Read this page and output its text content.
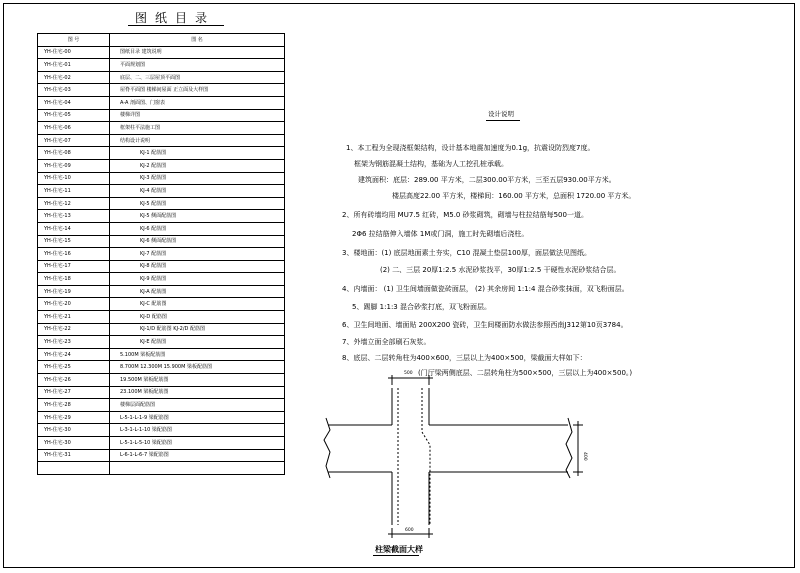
图纸目录
图 号	图 名
YH-住宅-00	图纸目录 建筑说明
YH-住宅-01	平面规划图
YH-住宅-02	底层、二、三层屋顶平面图
YH-住宅-03	屋脊平面图 楼梯间屋面 正立面及大样图
YH-住宅-04	A-A 剖面图、门窗表
YH-住宅-05	楼梯详图
YH-住宅-06	框架柱平法施工图
YH-住宅-07	结构设计说明
YH-住宅-08	KJ-1 配筋图
YH-住宅-09	KJ-2 配筋图
YH-住宅-10	KJ-3 配筋图
YH-住宅-11	KJ-4 配筋图
YH-住宅-12	KJ-5 配筋图
YH-住宅-13	KJ-5 侧面配筋图
YH-住宅-14	KJ-6 配筋图
YH-住宅-15	KJ-6 侧面配筋图
YH-住宅-16	KJ-7 配筋图
YH-住宅-17	KJ-8 配筋图
YH-住宅-18	KJ-9 配筋图
YH-住宅-19	KJ-A 配筋图
YH-住宅-20	KJ-C 配筋图
YH-住宅-21	KJ-D 配筋图
YH-住宅-22	KJ-1/D 配筋图 KJ-2/D 配筋图
YH-住宅-23	KJ-E 配筋图
YH-住宅-24	5.100M 梁板配筋图
YH-住宅-25	8.700M 12.300M 15.900M 梁板配筋图
YH-住宅-26	19.500M 梁板配筋图
YH-住宅-27	23.100M 梁板配筋图
YH-住宅-28	楼梯层面配筋图
YH-住宅-29	L-5-1-L-1-9 梁配筋图
YH-住宅-30	L-3-1-L-1-10 梁配筋图
YH-住宅-30	L-5-1-L-5-10 梁配筋图
YH-住宅-31	L-6-1-L-6-7 梁配筋图

设计说明
1、本工程为全现浇框架结构，设计基本地震加速度为0.1g，抗震设防烈度7度。
框架为钢筋混凝土结构，基础为人工挖孔桩承载。
建筑面积：底层：289.00 平方米，二层300.00平方米，三至五层930.00平方米。
楼层高度22.00 平方米，楼梯间：160.00 平方米，总面积 1720.00 平方米。
2、所有砖墙均用 MU7.5 红砖，M5.0 砂浆砌筑，砌墙与柱拉结筋每500一道。
2Φ6 拉结筋伸入墙体 1M或门洞，施工时先砌墙后浇柱。
3、楼地面：(1) 底层地面素土夯实，C10 混凝土垫层100厚，面层做法见图纸。
(2) 二、三层 20厚1:2.5 水泥砂浆找平，30厚1:2.5 干硬性水泥砂浆结合层。
4、内墙面： (1) 卫生间墙面做瓷砖面层， (2) 其余房间 1:1:4 混合砂浆抹面，双飞粉面层。
5、踢脚 1:1:3 混合砂浆打底，双飞粉面层。
6、卫生间地面、墙面贴 200X200 瓷砖，卫生间楼面防水做法参照西南J312第10页3784。
7、外墙立面全部刷石灰浆。
8、底层、二层转角柱为400×600，三层以上为400×500，梁截面大样如下：
(门厅梁两侧底层、二层转角柱为500×500，三层以上为400×500。)
500
600
400
柱梁截面大样
